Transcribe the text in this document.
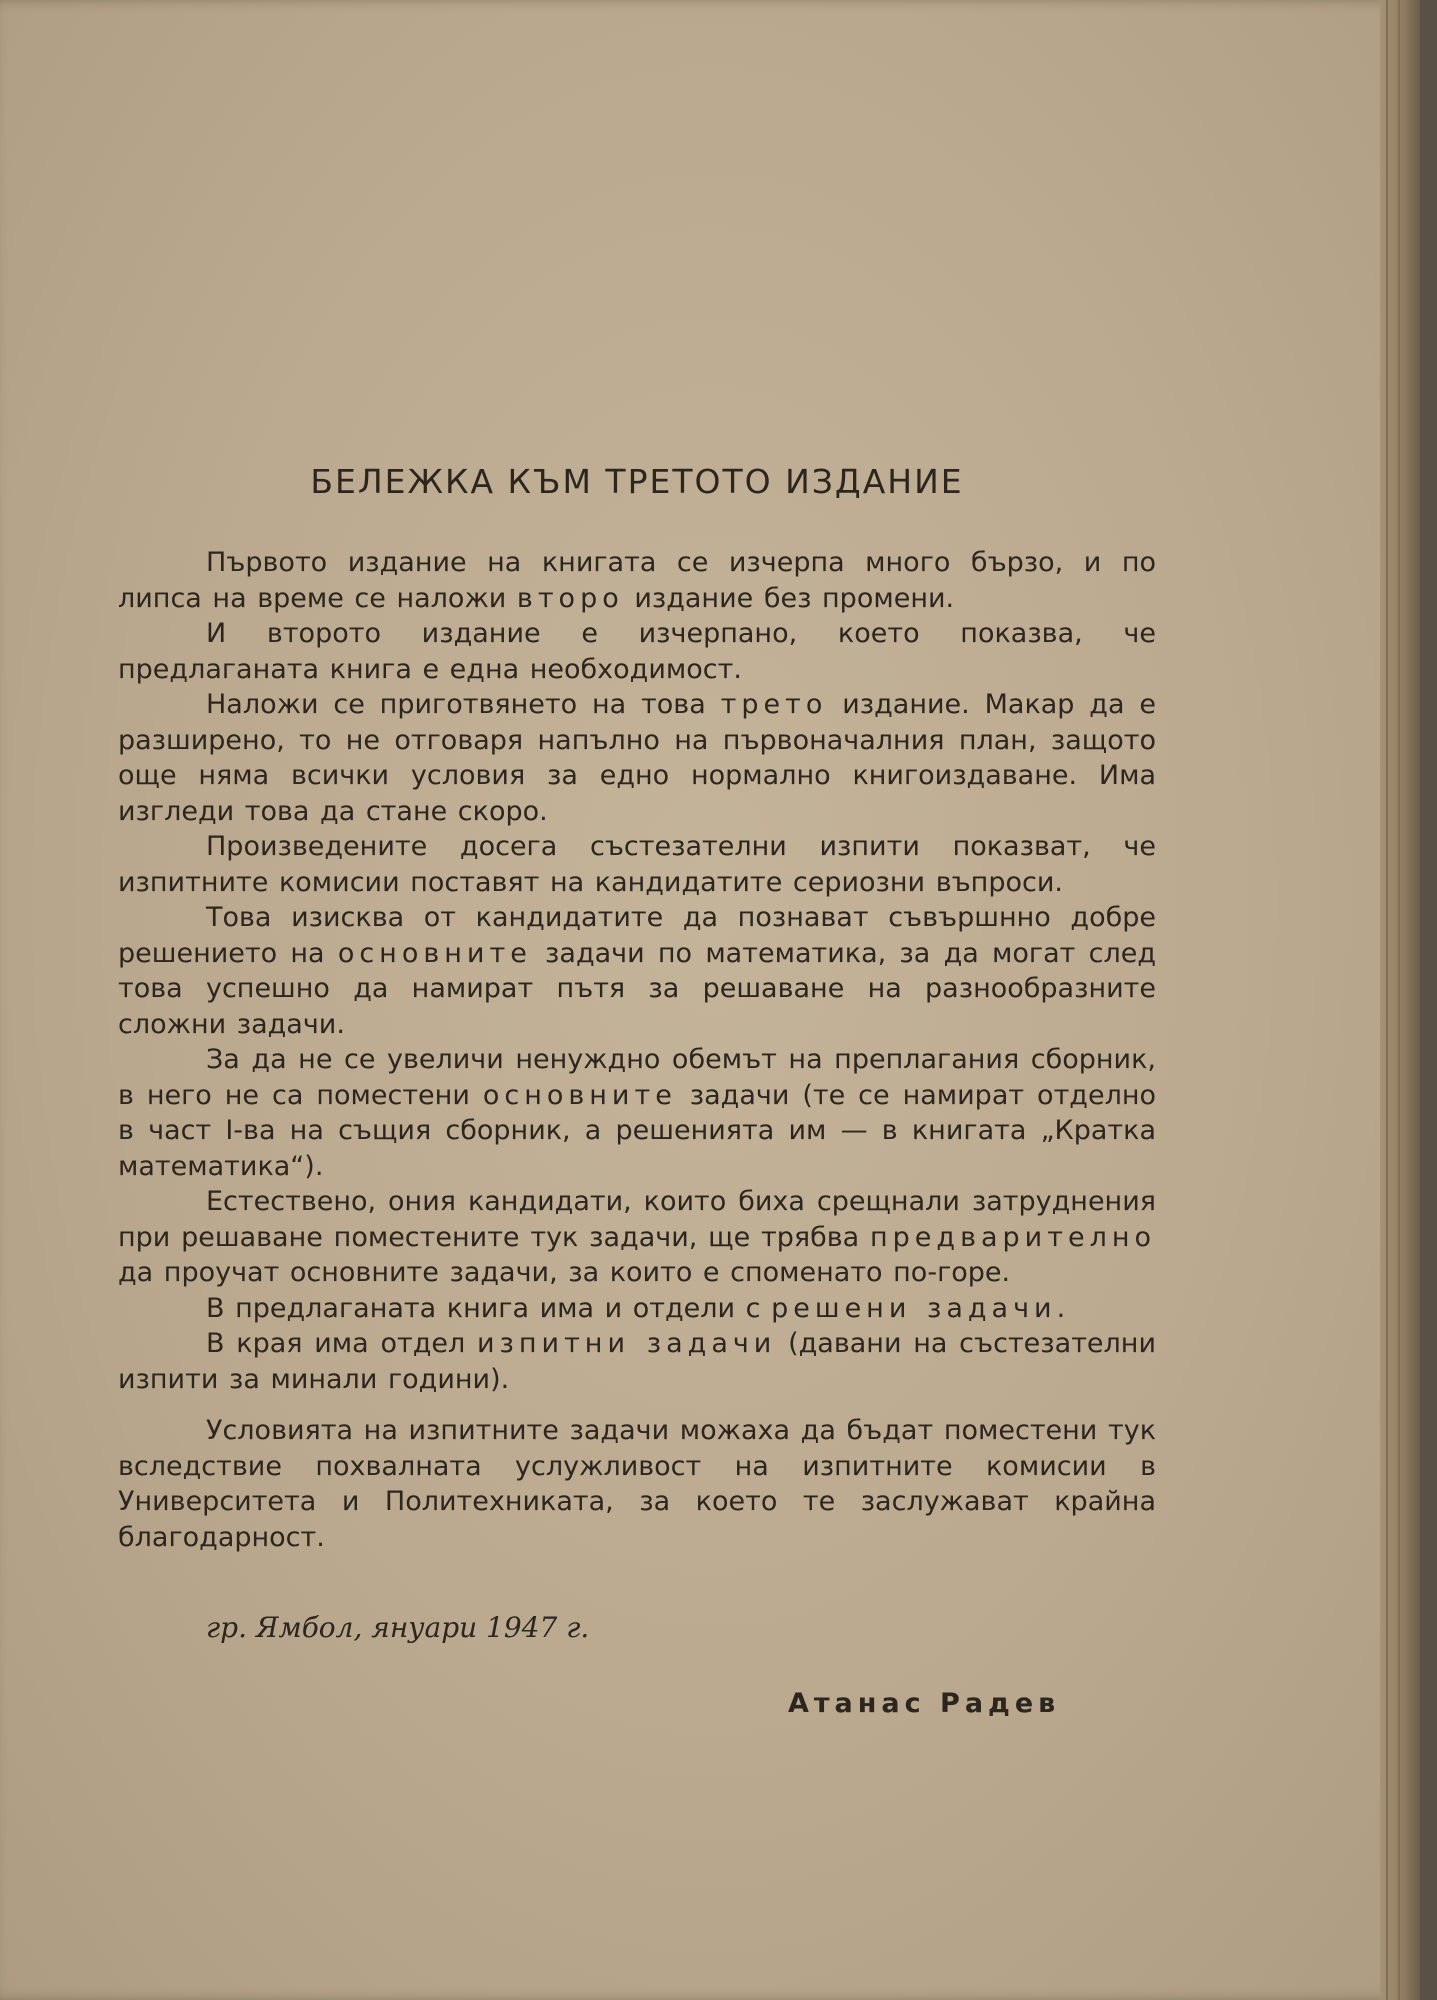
БЕЛЕЖКА КЪМ ТРЕТОТО ИЗДАНИЕ

Първото издание на книгата се изчерпа много бързо, и по липса на време се наложи второ издание без промени.

И второто издание е изчерпано, което показва, че предлаганата книга е една необходимост.

Наложи се приготвянето на това трето издание. Макар да е разширено, то не отговаря напълно на първоначалния план, защото още няма всички условия за едно нормално книгоиздаване. Има изгледи това да стане скоро.

Произведените досега състезателни изпити показват, че изпитните комисии поставят на кандидатите сериозни въпроси.

Това изисква от кандидатите да познават съвършнно добре решението на основните задачи по математика, за да могат след това успешно да намират пътя за решаване на разнообразните сложни задачи.

За да не се увеличи ненуждно обемът на преплагания сборник, в него не са поместени основните задачи (те се намират отделно в част I-ва на същия сборник, а решенията им — в книгата „Кратка математика“).

Естествено, ония кандидати, които биха срещнали затруднения при решаване поместените тук задачи, ще трябва предварително да проучат основните задачи, за които е споменато по-горе.

В предлаганата книга има и отдели с решени задачи.

В края има отдел изпитни задачи (давани на състезателни изпити за минали години).

Условията на изпитните задачи можаха да бъдат поместени тук вследствие похвалната услужливост на изпитните комисии в Университета и Политехниката, за което те заслужават крайна благодарност.

гр. Ямбол, януари 1947 г.
Атанас Радев
